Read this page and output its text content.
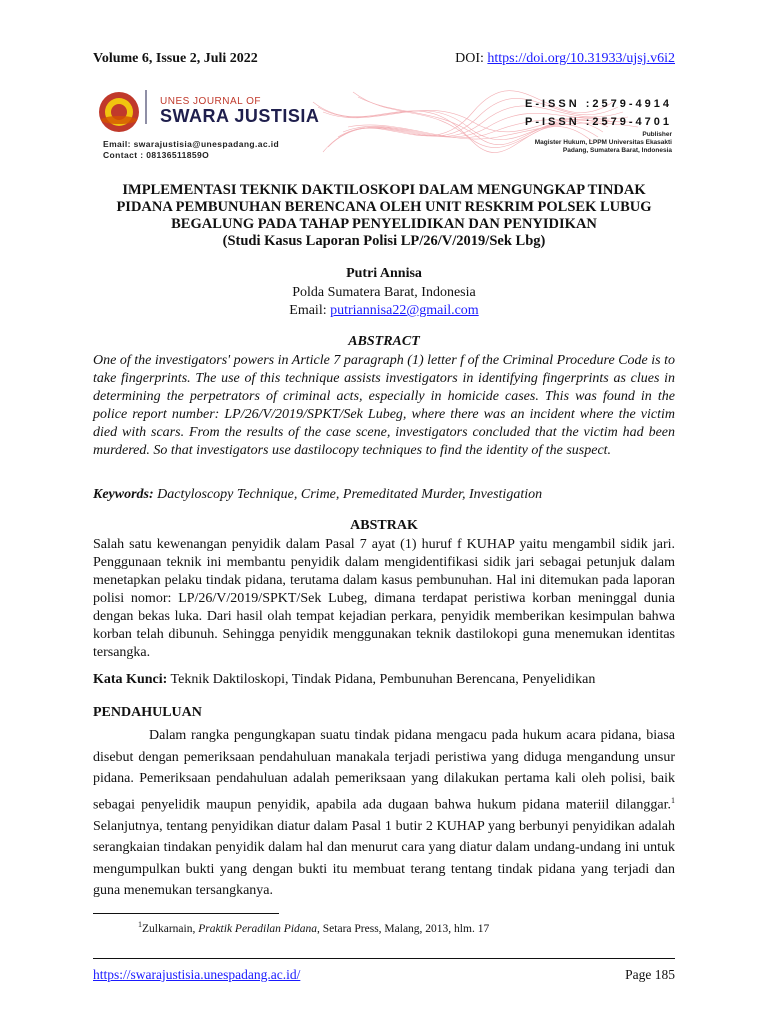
Volume 6, Issue 2, Juli 2022	DOI: https://doi.org/10.31933/ujsj.v6i2
UNES JOURNAL OF
SWARA JUSTISIA
Email: swarajustisia@unespadang.ac.id
Contact : 08136511859O
E-ISSN :2579-4914
P-ISSN :2579-4701
Publisher
Magister Hukum, LPPM Universitas Ekasakti
Padang, Sumatera Barat, Indonesia
IMPLEMENTASI TEKNIK DAKTILOSKOPI DALAM MENGUNGKAP TINDAK
PIDANA PEMBUNUHAN BERENCANA OLEH UNIT RESKRIM POLSEK LUBUG
BEGALUNG PADA TAHAP PENYELIDIKAN DAN PENYIDIKAN
(Studi Kasus Laporan Polisi LP/26/V/2019/Sek Lbg)
Putri Annisa
Polda Sumatera Barat, Indonesia
Email: putriannisa22@gmail.com
ABSTRACT
One of the investigators' powers in Article 7 paragraph (1) letter f of the Criminal Procedure Code is to take fingerprints. The use of this technique assists investigators in identifying fingerprints as clues in determining the perpetrators of criminal acts, especially in homicide cases. This was found in the police report number: LP/26/V/2019/SPKT/Sek Lubeg, where there was an incident where the victim died with scars. From the results of the case scene, investigators concluded that the victim had been murdered. So that investigators use dastilocopy techniques to find the identity of the suspect.
Keywords: Dactyloscopy Technique, Crime, Premeditated Murder, Investigation
ABSTRAK
Salah satu kewenangan penyidik dalam Pasal 7 ayat (1) huruf f KUHAP yaitu mengambil sidik jari. Penggunaan teknik ini membantu penyidik dalam mengidentifikasi sidik jari sebagai petunjuk dalam menetapkan pelaku tindak pidana, terutama dalam kasus pembunuhan. Hal ini ditemukan pada laporan polisi nomor: LP/26/V/2019/SPKT/Sek Lubeg, dimana terdapat peristiwa korban meninggal dunia dengan bekas luka. Dari hasil olah tempat kejadian perkara, penyidik memberikan kesimpulan bahwa korban telah dibunuh. Sehingga penyidik menggunakan teknik dastilokopi guna menemukan identitas tersangka.
Kata Kunci: Teknik Daktiloskopi, Tindak Pidana, Pembunuhan Berencana, Penyelidikan
PENDAHULUAN
Dalam rangka pengungkapan suatu tindak pidana mengacu pada hukum acara pidana, biasa disebut dengan pemeriksaan pendahuluan manakala terjadi peristiwa yang diduga mengandung unsur pidana. Pemeriksaan pendahuluan adalah pemeriksaan yang dilakukan pertama kali oleh polisi, baik sebagai penyelidik maupun penyidik, apabila ada dugaan bahwa hukum pidana materiil dilanggar.$^1$ Selanjutnya, tentang penyidikan diatur dalam Pasal 1 butir 2 KUHAP yang berbunyi penyidikan adalah serangkaian tindakan penyidik dalam hal dan menurut cara yang diatur dalam undang-undang ini untuk mengumpulkan bukti yang dengan bukti itu membuat terang tentang tindak pidana yang terjadi dan guna menemukan tersangkanya.
$^1$Zulkarnain, Praktik Peradilan Pidana, Setara Press, Malang, 2013, hlm. 17
https://swarajustisia.unespadang.ac.id/	Page 185
